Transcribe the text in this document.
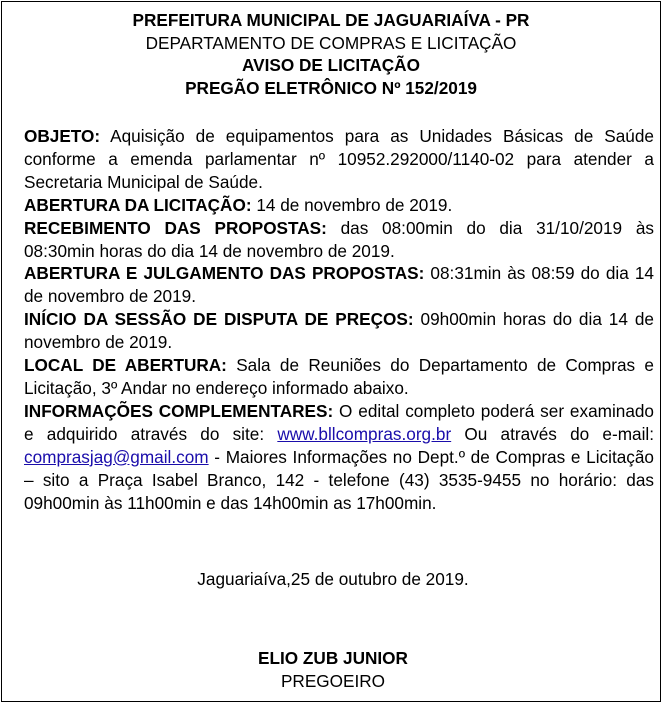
PREFEITURA MUNICIPAL DE JAGUARIAÍVA - PR
DEPARTAMENTO DE COMPRAS E LICITAÇÃO
AVISO DE LICITAÇÃO
PREGÃO ELETRÔNICO Nº 152/2019

OBJETO: Aquisição de equipamentos para as Unidades Básicas de Saúde conforme a emenda parlamentar nº 10952.292000/1140-02 para atender a Secretaria Municipal de Saúde.

ABERTURA DA LICITAÇÃO: 14 de novembro de 2019.

RECEBIMENTO DAS PROPOSTAS: das 08:00min do dia 31/10/2019 às 08:30min horas do dia 14 de novembro de 2019.

ABERTURA E JULGAMENTO DAS PROPOSTAS: 08:31min às 08:59 do dia 14 de novembro de 2019.

INÍCIO DA SESSÃO DE DISPUTA DE PREÇOS: 09h00min horas do dia 14 de novembro de 2019.

LOCAL DE ABERTURA: Sala de Reuniões do Departamento de Compras e Licitação, 3º Andar no endereço informado abaixo.

INFORMAÇÕES COMPLEMENTARES: O edital completo poderá ser examinado e adquirido através do site: www.bllcompras.org.br Ou através do e-mail: comprasjag@gmail.com - Maiores Informações no Dept.º de Compras e Licitação – sito a Praça Isabel Branco, 142 - telefone (43) 3535-9455 no horário: das 09h00min às 11h00min e das 14h00min as 17h00min.

Jaguariaíva,25 de outubro de 2019.
ELIO ZUB JUNIOR
PREGOEIRO
